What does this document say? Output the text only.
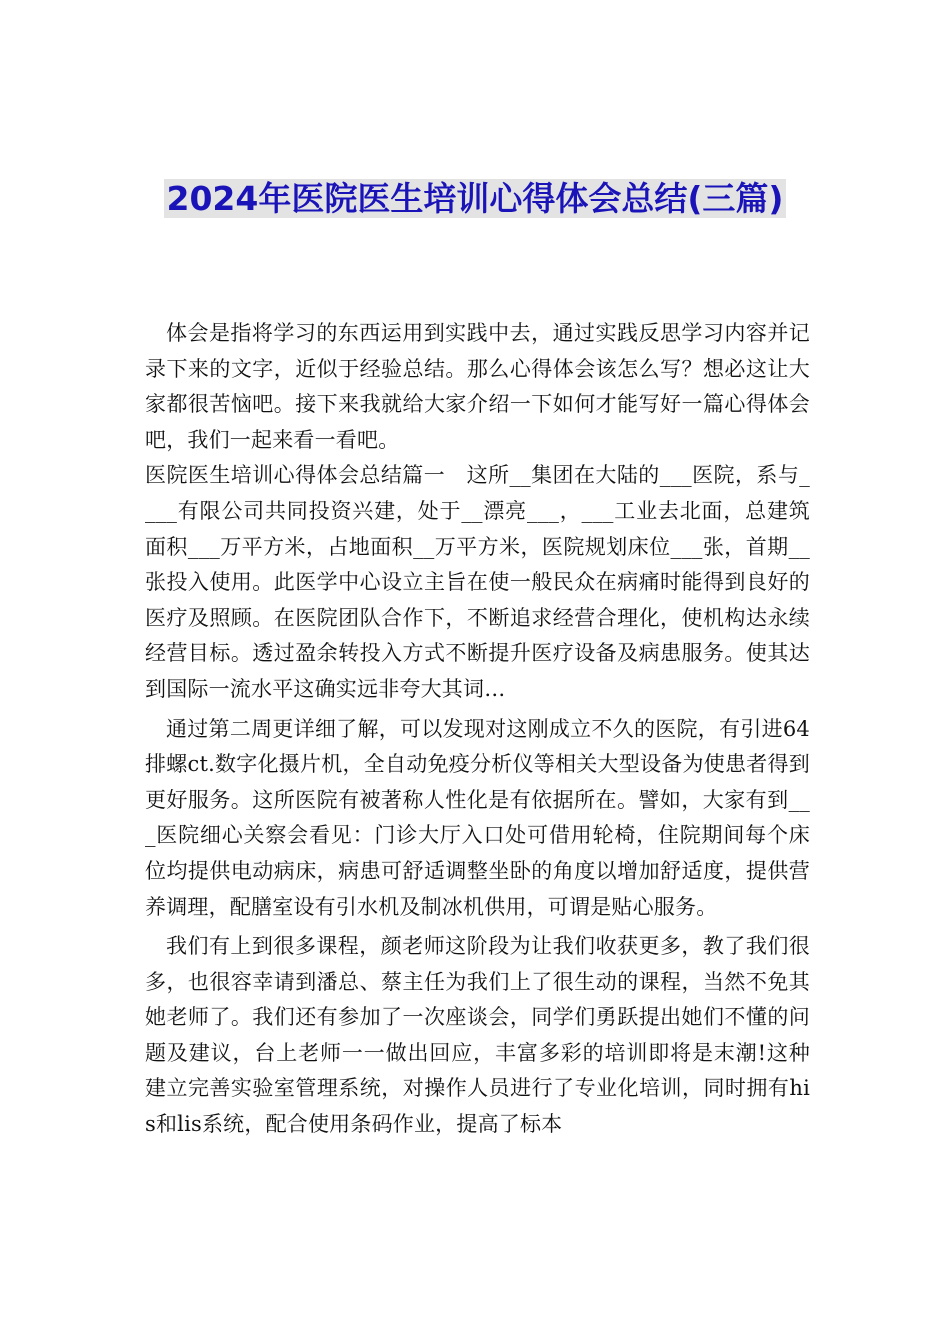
2024年医院医生培训心得体会总结(三篇)

体会是指将学习的东西运用到实践中去，通过实践反思学习内容并记录下来的文字，近似于经验总结。那么心得体会该怎么写？想必这让大家都很苦恼吧。接下来我就给大家介绍一下如何才能写好一篇心得体会吧，我们一起来看一看吧。

医院医生培训心得体会总结篇一　这所__集团在大陆的___医院，系与____有限公司共同投资兴建，处于__漂亮___，___工业去北面，总建筑面积___万平方米，占地面积__万平方米，医院规划床位___张，首期__张投入使用。此医学中心设立主旨在使一般民众在病痛时能得到良好的医疗及照顾。在医院团队合作下，不断追求经营合理化，使机构达永续经营目标。透过盈余转投入方式不断提升医疗设备及病患服务。使其达到国际一流水平这确实远非夸大其词…

通过第二周更详细了解，可以发现对这刚成立不久的医院，有引进64排螺ct.数字化摄片机，全自动免疫分析仪等相关大型设备为使患者得到更好服务。这所医院有被著称人性化是有依据所在。譬如，大家有到___医院细心关察会看见：门诊大厅入口处可借用轮椅，住院期间每个床位均提供电动病床，病患可舒适调整坐卧的角度以增加舒适度，提供营养调理，配膳室设有引水机及制冰机供用，可谓是贴心服务。

我们有上到很多课程，颜老师这阶段为让我们收获更多，教了我们很多，也很容幸请到潘总、蔡主任为我们上了很生动的课程，当然不免其她老师了。我们还有参加了一次座谈会，同学们勇跃提出她们不懂的问题及建议，台上老师一一做出回应，丰富多彩的培训即将是末潮!这种建立完善实验室管理系统，对操作人员进行了专业化培训，同时拥有his和lis系统，配合使用条码作业，提高了标本
